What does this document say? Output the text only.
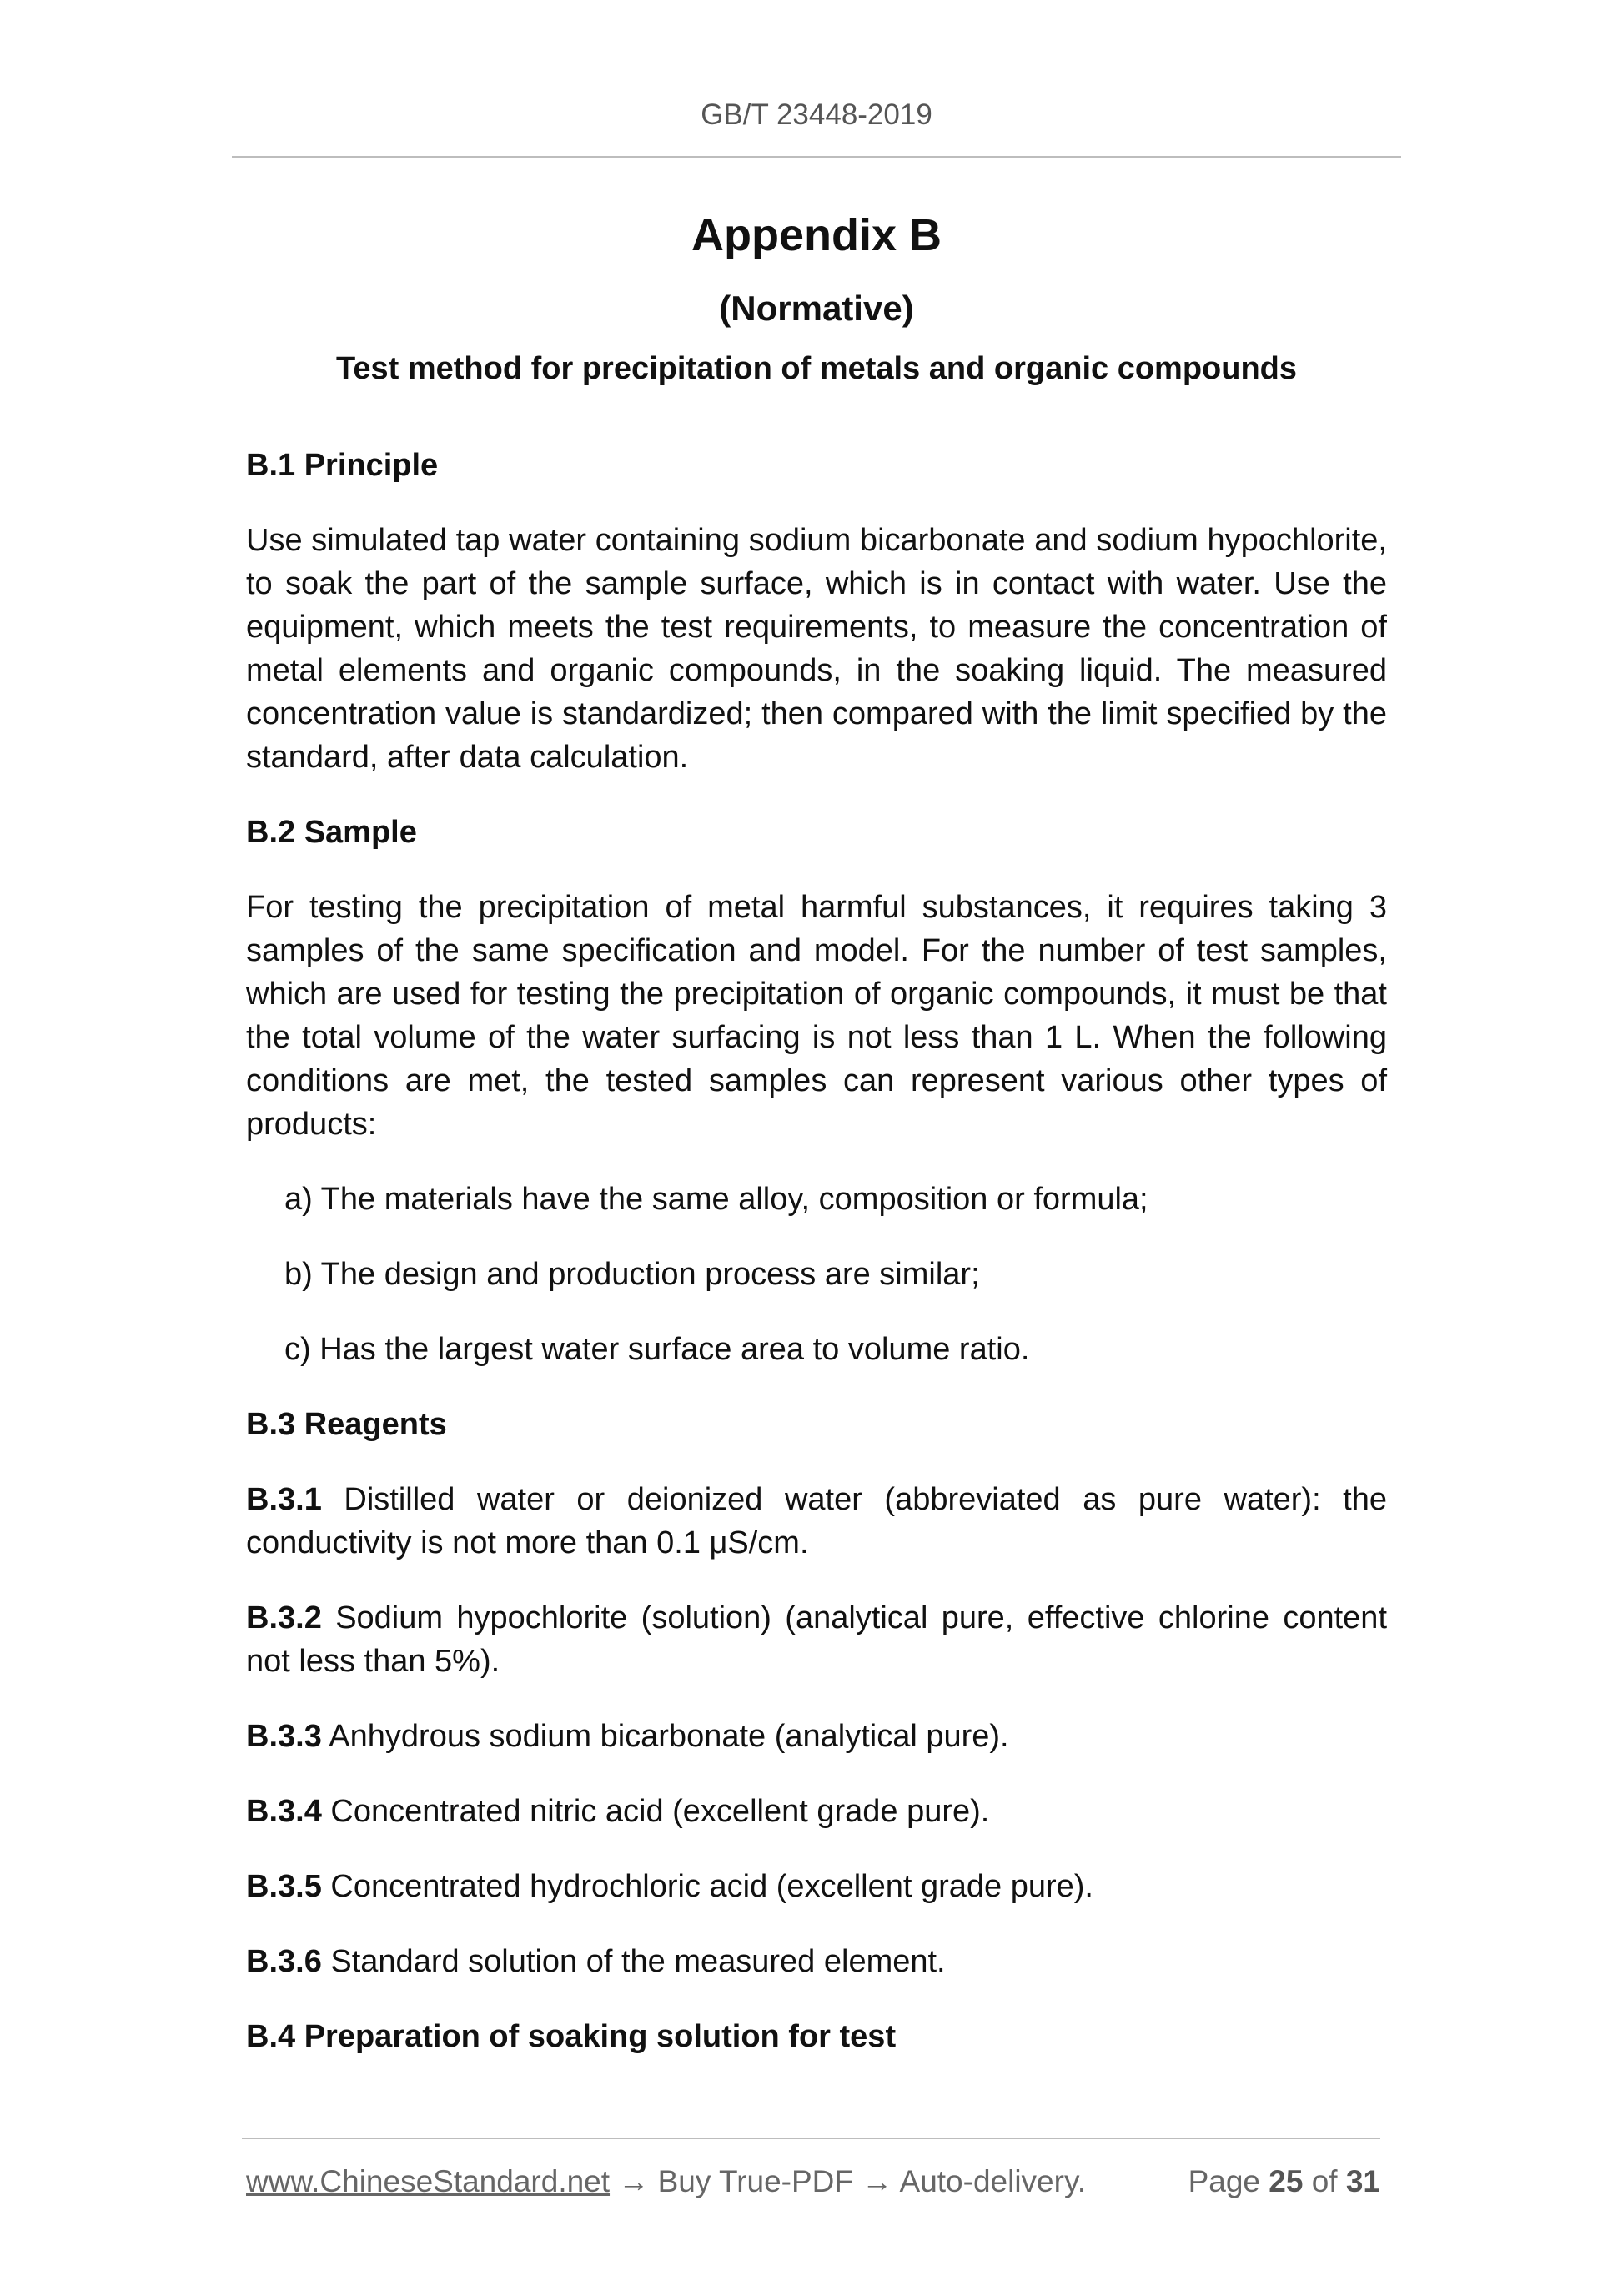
GB/T 23448-2019
Appendix B
(Normative)
Test method for precipitation of metals and organic compounds
B.1 Principle

Use simulated tap water containing sodium bicarbonate and sodium hypochlorite, to soak the part of the sample surface, which is in contact with water. Use the equipment, which meets the test requirements, to measure the concentration of metal elements and organic compounds, in the soaking liquid. The measured concentration value is standardized; then compared with the limit specified by the standard, after data calculation.

B.2 Sample

For testing the precipitation of metal harmful substances, it requires taking 3 samples of the same specification and model. For the number of test samples, which are used for testing the precipitation of organic compounds, it must be that the total volume of the water surfacing is not less than 1 L. When the following conditions are met, the tested samples can represent various other types of products:

a) The materials have the same alloy, composition or formula;

b) The design and production process are similar;

c) Has the largest water surface area to volume ratio.

B.3 Reagents

B.3.1 Distilled water or deionized water (abbreviated as pure water): the conductivity is not more than 0.1 μS/cm.

B.3.2 Sodium hypochlorite (solution) (analytical pure, effective chlorine content not less than 5%).

B.3.3 Anhydrous sodium bicarbonate (analytical pure).

B.3.4 Concentrated nitric acid (excellent grade pure).

B.3.5 Concentrated hydrochloric acid (excellent grade pure).

B.3.6 Standard solution of the measured element.

B.4 Preparation of soaking solution for test
www.ChineseStandard.net → Buy True-PDF → Auto-delivery.	Page 25 of 31
